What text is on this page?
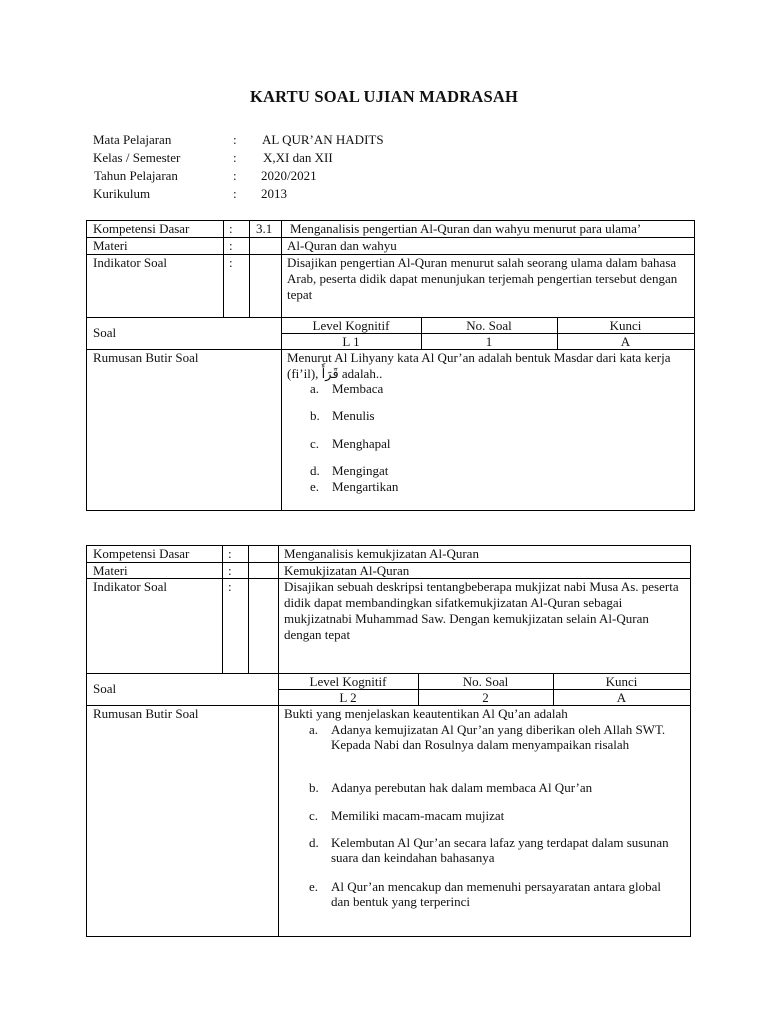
KARTU SOAL UJIAN MADRASAH
Mata Pelajaran	: AL QUR’AN HADITS
Kelas / Semester	: X,XI dan XII
Tahun Pelajaran	: 2020/2021
Kurikulum	: 2013
Kompetensi Dasar	: 3.1 Menganalisis pengertian Al-Quran dan wahyu menurut para ulama’
Materi	:	Al-Quran dan wahyu
Indikator Soal	:	Disajikan pengertian Al-Quran menurut salah seorang ulama dalam bahasa Arab, peserta didik dapat menunjukan terjemah pengertian tersebut dengan tepat
Soal	Level Kognitif	No. Soal	Kunci
L 1	1	A
Rumusan Butir Soal	Menurut Al Lihyany kata Al Qur’an adalah bentuk Masdar dari kata kerja (fi’il), قَرَأَ adalah..
a. Membaca
b. Menulis
c. Menghapal
d. Mengingat
e. Mengartikan
Kompetensi Dasar	:	Menganalisis kemukjizatan Al-Quran
Materi	:	Kemukjizatan Al-Quran
Indikator Soal	:	Disajikan sebuah deskripsi tentangbeberapa mukjizat nabi Musa As. peserta didik dapat membandingkan sifatkemukjizatan Al-Quran sebagai mukjizatnabi Muhammad Saw. Dengan kemukjizatan selain Al-Quran dengan tepat
Soal	Level Kognitif	No. Soal	Kunci
L 2	2	A
Rumusan Butir Soal	Bukti yang menjelaskan keautentikan Al Qu’an adalah
a. Adanya kemujizatan Al Qur’an yang diberikan oleh Allah SWT. Kepada Nabi dan Rosulnya dalam menyampaikan risalah
b. Adanya perebutan hak dalam membaca Al Qur’an
c. Memiliki macam-macam mujizat
d. Kelembutan Al Qur’an secara lafaz yang terdapat dalam susunan suara dan keindahan bahasanya
e. Al Qur’an mencakup dan memenuhi persayaratan antara global dan bentuk yang terperinci
